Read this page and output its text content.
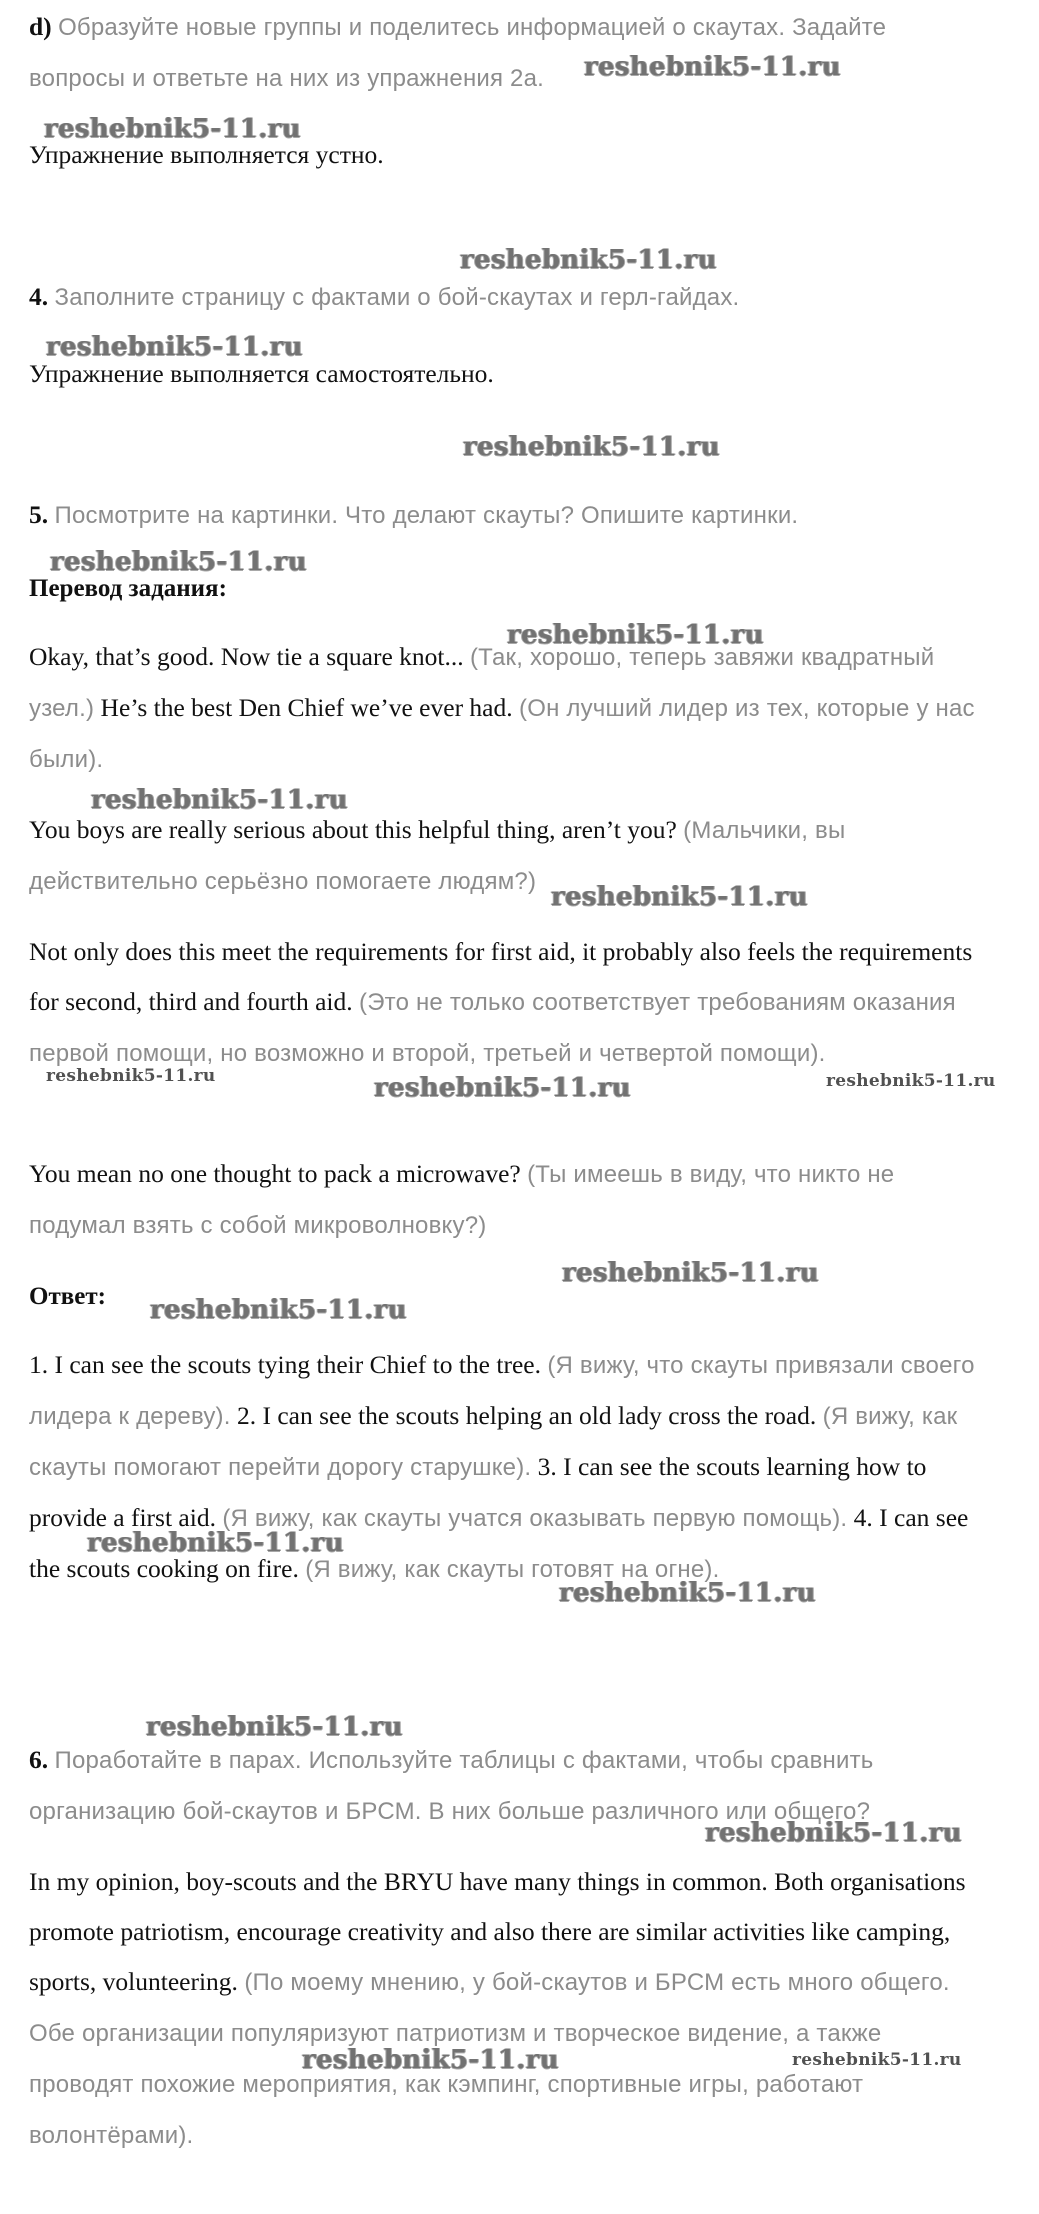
d) Образуйте новые группы и поделитесь информацией о скаутах. Задайте вопросы и ответьте на них из упражнения 2а.

Упражнение выполняется устно.

4. Заполните страницу с фактами о бой-скаутах и герл-гайдах.

Упражнение выполняется самостоятельно.

5. Посмотрите на картинки. Что делают скауты? Опишите картинки.

Перевод задания:

Okay, that’s good. Now tie a square knot... (Так, хорошо, теперь завяжи квадратный узел.) He’s the best Den Chief we’ve ever had. (Он лучший лидер из тех, которые у нас были).

You boys are really serious about this helpful thing, aren’t you? (Мальчики, вы действительно серьёзно помогаете людям?)

Not only does this meet the requirements for first aid, it probably also feels the requirements for second, third and fourth aid. (Это не только соответствует требованиям оказания первой помощи, но возможно и второй, третьей и четвертой помощи).

You mean no one thought to pack a microwave? (Ты имеешь в виду, что никто не подумал взять с собой микроволновку?)

Ответ:

1. I can see the scouts tying their Chief to the tree. (Я вижу, что скауты привязали своего лидера к дереву). 2. I can see the scouts helping an old lady cross the road. (Я вижу, как скауты помогают перейти дорогу старушке). 3. I can see the scouts learning how to provide a first aid. (Я вижу, как скауты учатся оказывать первую помощь). 4. I can see the scouts cooking on fire. (Я вижу, как скауты готовят на огне).

6. Поработайте в парах. Используйте таблицы с фактами, чтобы сравнить организацию бой-скаутов и БРСМ. В них больше различного или общего?

In my opinion, boy-scouts and the BRYU have many things in common. Both organisations promote patriotism, encourage creativity and also there are similar activities like camping, sports, volunteering. (По моему мнению, у бой-скаутов и БРСМ есть много общего. Обе организации популяризуют патриотизм и творческое видение, а также проводят похожие мероприятия, как кэмпинг, спортивные игры, работают волонтёрами).

reshebnik5-11.ru
reshebnik5-11.ru
reshebnik5-11.ru
reshebnik5-11.ru
reshebnik5-11.ru
reshebnik5-11.ru
reshebnik5-11.ru
reshebnik5-11.ru
reshebnik5-11.ru
reshebnik5-11.ru	reshebnik5-11.ru	reshebnik5-11.ru
reshebnik5-11.ru
reshebnik5-11.ru
reshebnik5-11.ru
reshebnik5-11.ru
reshebnik5-11.ru
reshebnik5-11.ru
reshebnik5-11.ru	reshebnik5-11.ru
